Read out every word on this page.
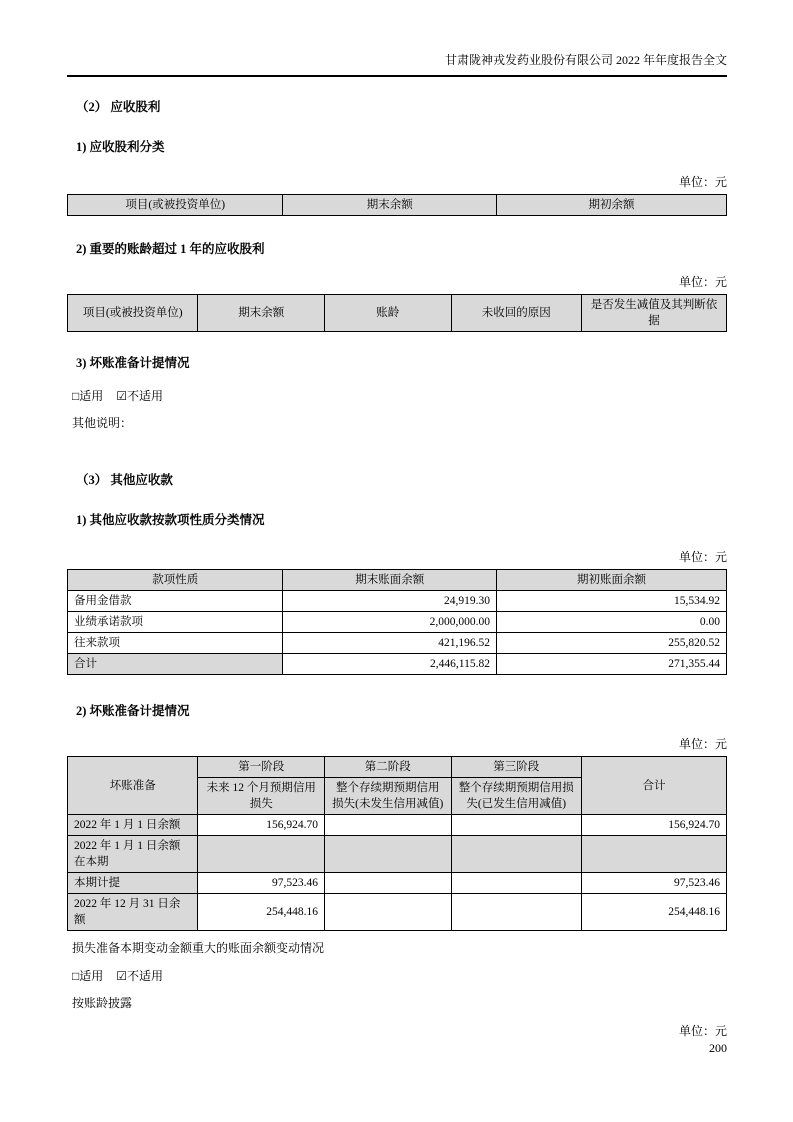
甘肃陇神戎发药业股份有限公司 2022 年年度报告全文

（2） 应收股利

1) 应收股利分类

单位：元
项目(或被投资单位)	期末余额	期初余额

2) 重要的账龄超过 1 年的应收股利

单位：元
项目(或被投资单位)	期末余额	账龄	未收回的原因	是否发生减值及其判断依据

3) 坏账准备计提情况

□适用 ☑不适用

其他说明：

（3） 其他应收款

1) 其他应收款按款项性质分类情况

单位：元
款项性质	期末账面余额	期初账面余额
备用金借款	24,919.30	15,534.92
业绩承诺款项	2,000,000.00	0.00
往来款项	421,196.52	255,820.52
合计	2,446,115.82	271,355.44

2) 坏账准备计提情况

单位：元
坏账准备	第一阶段	第二阶段	第三阶段	合计
	未来 12 个月预期信用损失	整个存续期预期信用损失(未发生信用减值)	整个存续期预期信用损失(已发生信用减值)	
2022 年 1 月 1 日余额	156,924.70			156,924.70
2022 年 1 月 1 日余额在本期				
本期计提	97,523.46			97,523.46
2022 年 12 月 31 日余额	254,448.16			254,448.16

损失准备本期变动金额重大的账面余额变动情况

□适用 ☑不适用

按账龄披露

单位：元
200
